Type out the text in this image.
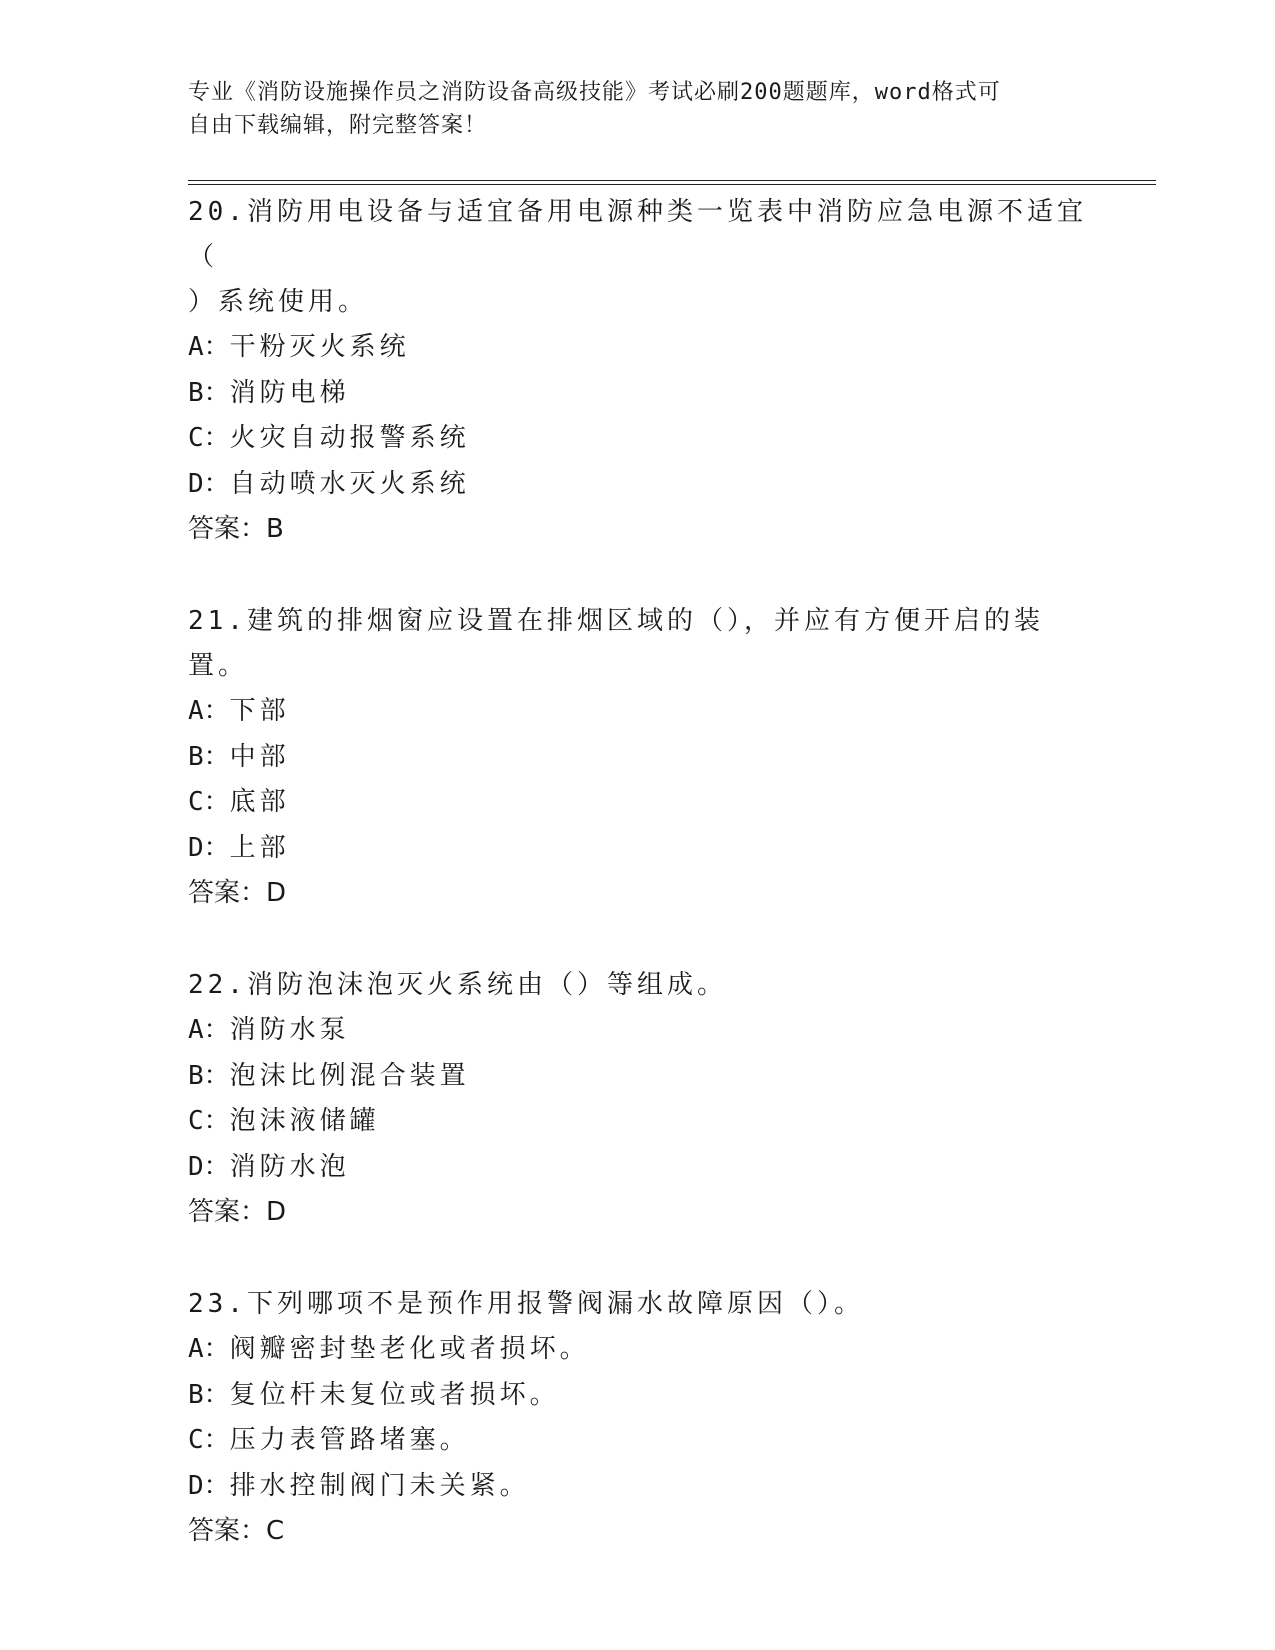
专业《消防设施操作员之消防设备高级技能》考试必刷200题题库，word格式可
自由下载编辑，附完整答案！

20.消防用电设备与适宜备用电源种类一览表中消防应急电源不适宜（
）系统使用。

A：干粉灭火系统

B：消防电梯

C：火灾自动报警系统

D：自动喷水灭火系统

答案：B

21.建筑的排烟窗应设置在排烟区域的（），并应有方便开启的装置。

A：下部

B：中部

C：底部

D：上部

答案：D

22.消防泡沫泡灭火系统由（）等组成。

A：消防水泵

B：泡沫比例混合装置

C：泡沫液储罐

D：消防水泡

答案：D

23.下列哪项不是预作用报警阀漏水故障原因（）。

A：阀瓣密封垫老化或者损坏。

B：复位杆未复位或者损坏。

C：压力表管路堵塞。

D：排水控制阀门未关紧。

答案：C
